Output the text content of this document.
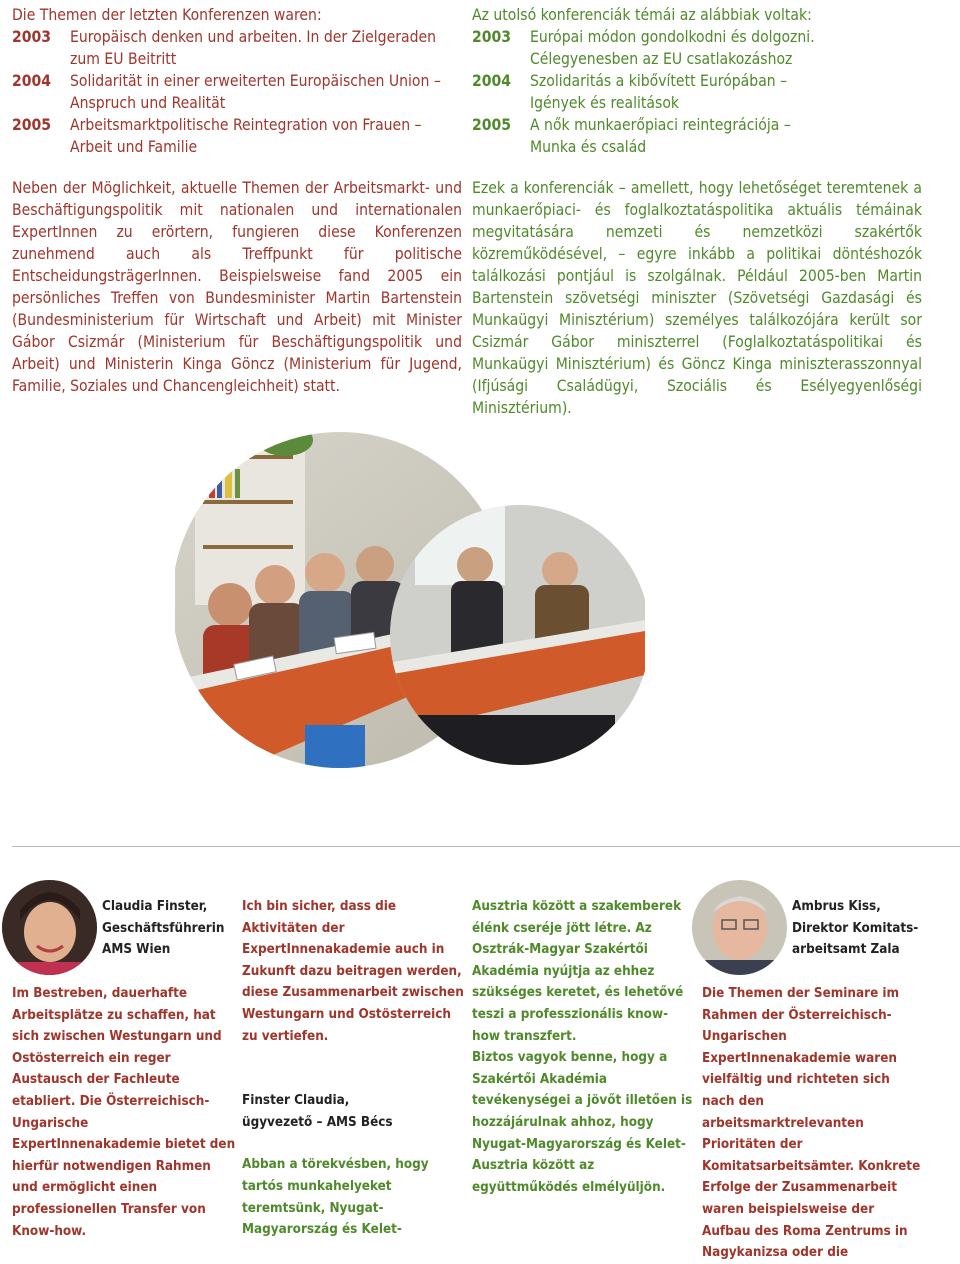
Die Themen der letzten Konferenzen waren:
2003	Europäisch denken und arbeiten. In der Zielgeraden
zum EU Beitritt
2004	Solidarität in einer erweiterten Europäischen Union –
Anspruch und Realität
2005	Arbeitsmarktpolitische Reintegration von Frauen –
Arbeit und Familie
Az utolsó konferenciák témái az alábbiak voltak:
2003	Európai módon gondolkodni és dolgozni.
Célegyenesben az EU csatlakozáshoz
2004	Szolidaritás a kibővített Európában –
Igények és realitások
2005	A nők munkaerőpiaci reintegrációja –
Munka és család
Neben der Möglichkeit, aktuelle Themen der Arbeitsmarkt- und Beschäftigungspolitik mit nationalen und internationalen ExpertInnen zu erörtern, fungieren diese Konferenzen zunehmend auch als Treffpunkt für politische EntscheidungsträgerInnen. Beispielsweise fand 2005 ein persönliches Treffen von Bundesminister Martin Bartenstein (Bundesministerium für Wirtschaft und Arbeit) mit Minister Gábor Csizmár (Ministerium für Beschäftigungspolitik und Arbeit) und Ministerin Kinga Göncz (Ministerium für Jugend, Familie, Soziales und Chancengleichheit) statt.
Ezek a konferenciák – amellett, hogy lehetőséget teremtenek a munkaerőpiaci- és foglalkoztatáspolitika aktuális témáinak megvitatására nemzeti és nemzetközi szakértők közreműködésével, – egyre inkább a politikai döntéshozók találkozási pontjául is szolgálnak. Például 2005-ben Martin Bartenstein szövetségi miniszter (Szövetségi Gazdasági és Munkaügyi Minisztérium) személyes találkozójára került sor Csizmár Gábor miniszterrel (Foglalkoztatáspolitikai és Munkaügyi Minisztérium) és Göncz Kinga miniszterasszonnyal (Ifjúsági Családügyi, Szociális és Esélyegyenlőségi Minisztérium).
Claudia Finster,
Geschäftsführerin
AMS Wien
Im Bestreben, dauerhafte Arbeitsplätze zu schaffen, hat sich zwischen Westungarn und Ostösterreich ein reger Austausch der Fachleute etabliert. Die Österreichisch-Ungarische ExpertInnenakademie bietet den hierfür notwendigen Rahmen und ermöglicht einen professionellen Transfer von Know-how.
Ich bin sicher, dass die Aktivitäten der ExpertInnenakademie auch in Zukunft dazu beitragen werden, diese Zusammenarbeit zwischen Westungarn und Ostösterreich zu vertiefen.
Finster Claudia,
ügyvezető – AMS Bécs
Abban a törekvésben, hogy tartós munkahelyeket teremtsünk, Nyugat-Magyarország és Kelet-
Ausztria között a szakemberek élénk cseréje jött létre. Az Osztrák-Magyar Szakértői Akadémia nyújtja az ehhez szükséges keretet, és lehetővé teszi a professzionális know-how transzfert.
Biztos vagyok benne, hogy a Szakértői Akadémia tevékenységei a jövőt illetően is hozzájárulnak ahhoz, hogy Nyugat-Magyarország és Kelet-Ausztria között az együttműködés elmélyüljön.
Ambrus Kiss,
Direktor Komitats-
arbeitsamt Zala
Die Themen der Seminare im Rahmen der Österreichisch-Ungarischen ExpertInnenakademie waren vielfältig und richteten sich nach den arbeitsmarktrelevanten Prioritäten der Komitatsarbeitsämter. Konkrete Erfolge der Zusammenarbeit waren beispielsweise der Aufbau des Roma Zentrums in Nagykanizsa oder die
